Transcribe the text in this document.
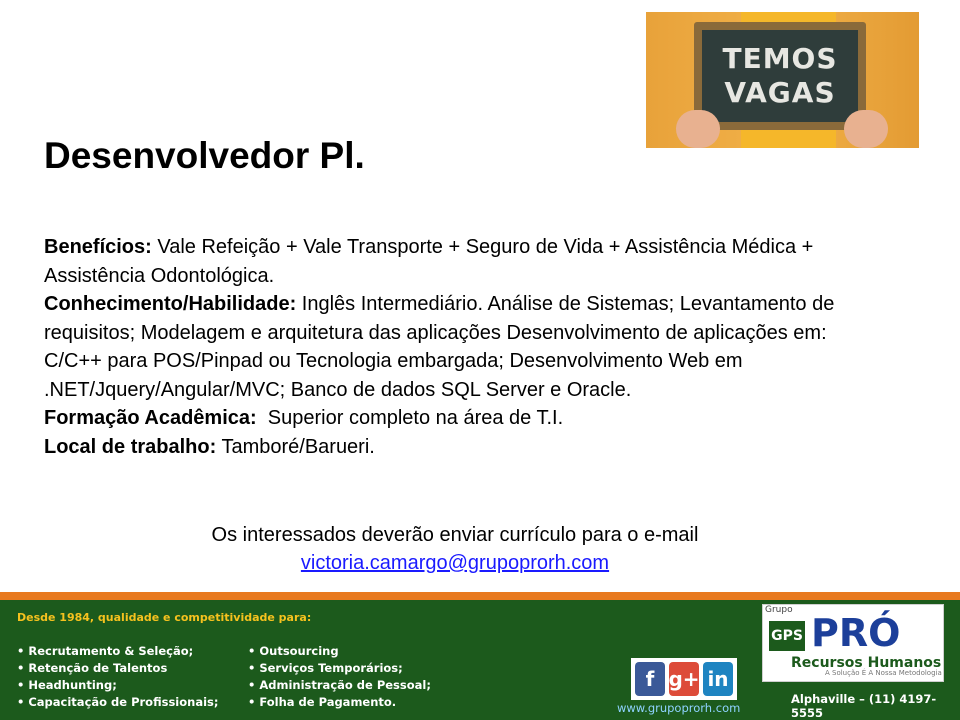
TEMOS
VAGAS
Desenvolvedor Pl.

Benefícios: Vale Refeição + Vale Transporte + Seguro de Vida + Assistência Médica + Assistência Odontológica.

Conhecimento/Habilidade: Inglês Intermediário. Análise de Sistemas; Levantamento de requisitos; Modelagem e arquitetura das aplicações Desenvolvimento de aplicações em: C/C++ para POS/Pinpad ou Tecnologia embargada; Desenvolvimento Web em .NET/Jquery/Angular/MVC; Banco de dados SQL Server e Oracle.

Formação Acadêmica:  Superior completo na área de T.I.

Local de trabalho: Tamboré/Barueri.

Os interessados deverão enviar currículo para o e-mail
victoria.camargo@grupoprorh.com
Desde 1984, qualidade e competitividade para:
• Recrutamento & Seleção;
• Retenção de Talentos
• Headhunting;
• Capacitação de Profissionais;
• Outsourcing
• Serviços Temporários;
• Administração de Pessoal;
• Folha de Pagamento.
f g+ in
www.grupoprorh.com
Grupo
GPS PRÓ
Recursos Humanos
A Solução É A Nossa Metodologia
Alphaville – (11) 4197-5555
